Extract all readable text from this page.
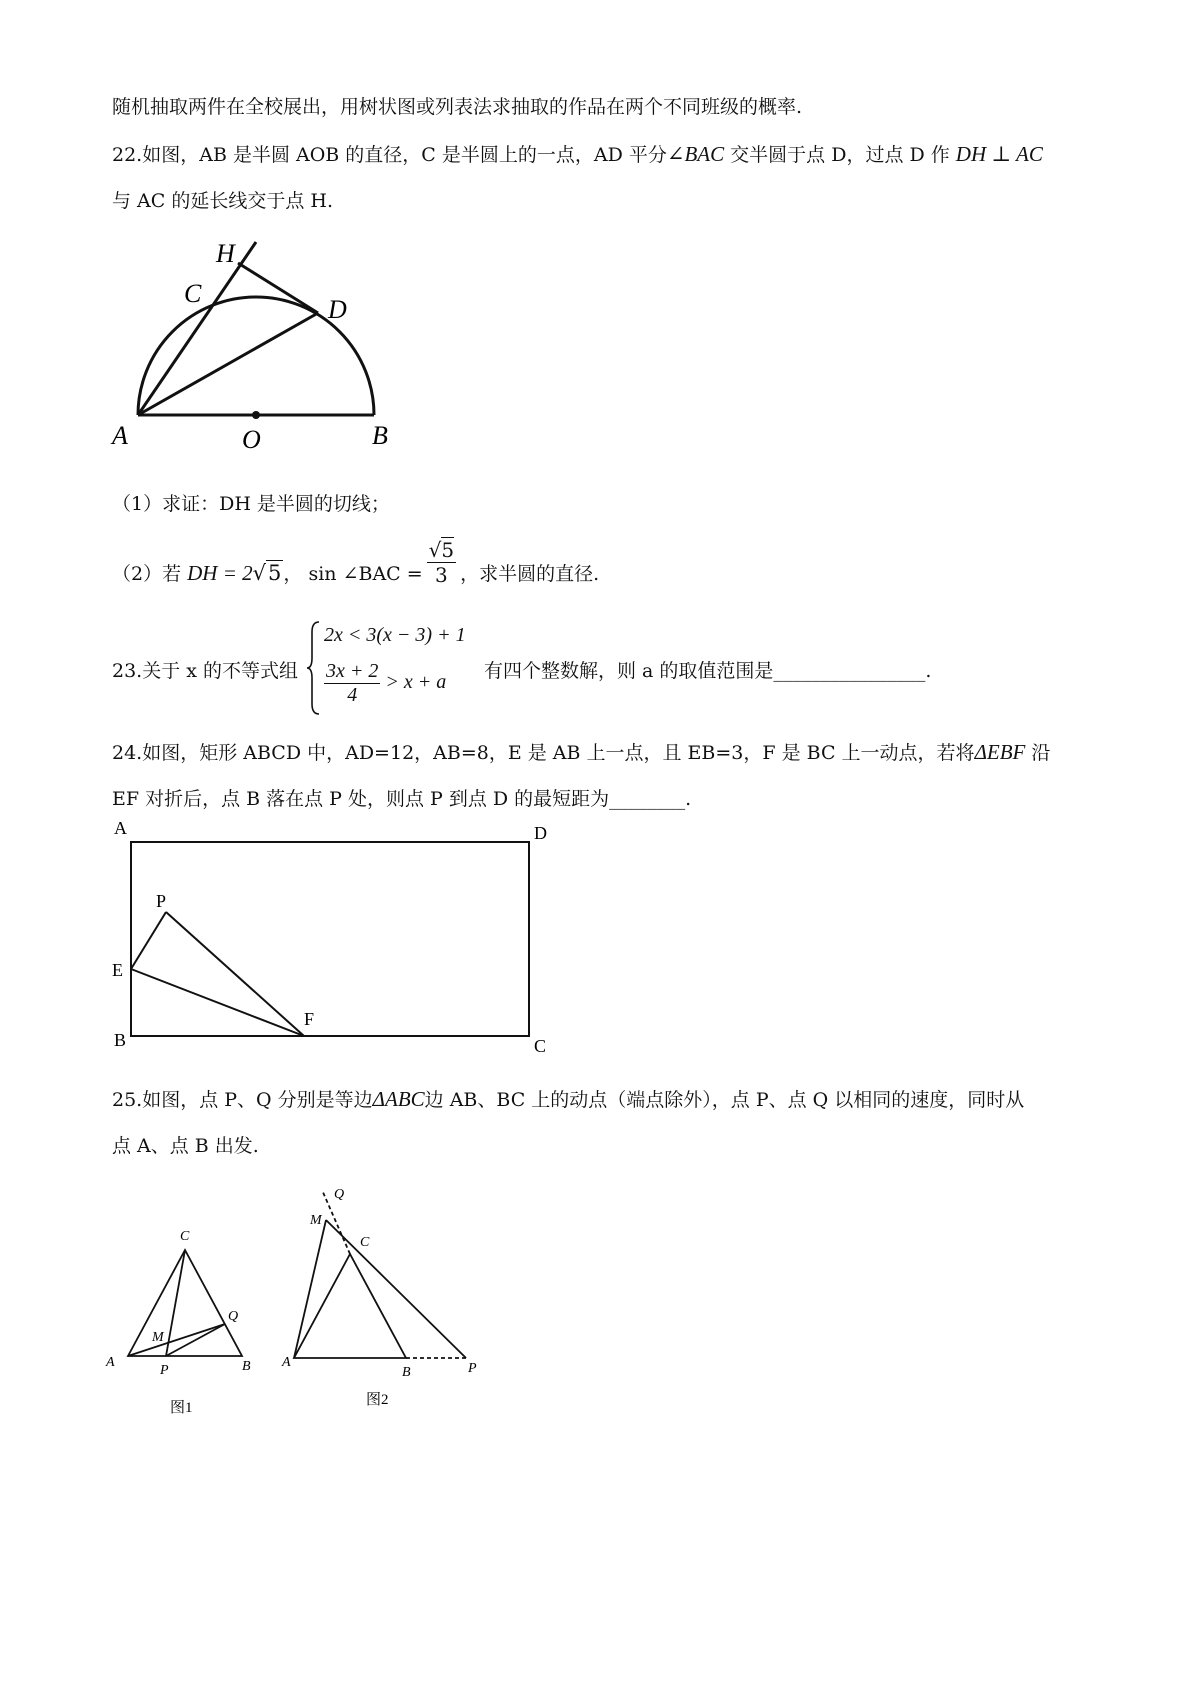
随机抽取两件在全校展出，用树状图或列表法求抽取的作品在两个不同班级的概率.
22.如图，AB 是半圆 AOB 的直径，C 是半圆上的一点，AD 平分∠BAC 交半圆于点 D，过点 D 作 DH ⊥ AC
与 AC 的延长线交于点 H.
H
C
D
A	O	B
（1）求证：DH 是半圆的切线；
（2）若 DH = 2√5 ， sin ∠BAC = $\frac{√5}{3}$ ，求半圆的直径.
23.关于 x 的不等式组
2x < 3(x − 3) + 1
$\frac{3x + 2}{4} > x + a$
有四个整数解，则 a 的取值范围是________________.
24.如图，矩形 ABCD 中，AD=12，AB=8，E 是 AB 上一点，且 EB=3，F 是 BC 上一动点，若将ΔEBF 沿
EF 对折后，点 B 落在点 P 处，则点 P 到点 D 的最短距为________.
A	D
P
E
F
B	C
25.如图，点 P、Q 分别是等边ΔABC边 AB、BC 上的动点（端点除外），点 P、点 Q 以相同的速度，同时从
点 A、点 B 出发.
C
Q
M
A
P	B
图1
Q
M
C
A
B	P
图2
